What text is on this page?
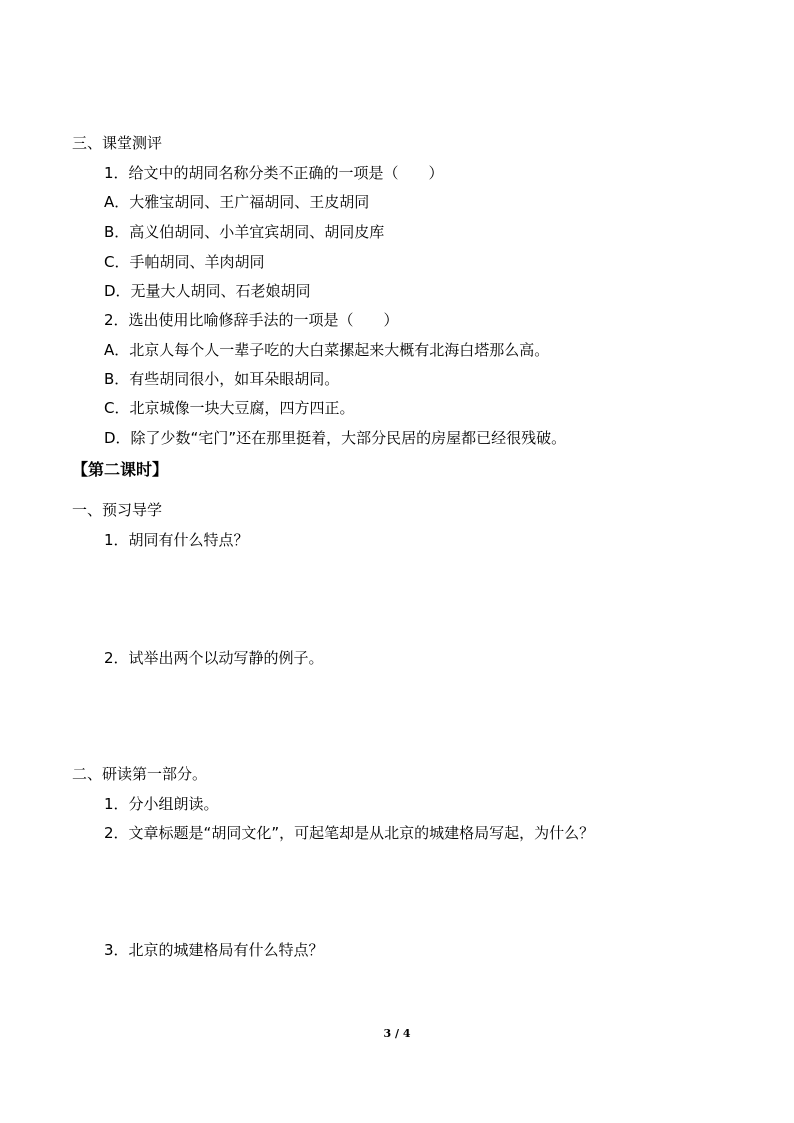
三、课堂测评
1．给文中的胡同名称分类不正确的一项是（　　）
A．大雅宝胡同、王广福胡同、王皮胡同
B．高义伯胡同、小羊宜宾胡同、胡同皮库
C．手帕胡同、羊肉胡同
D．无量大人胡同、石老娘胡同
2．选出使用比喻修辞手法的一项是（　　）
A．北京人每个人一辈子吃的大白菜摞起来大概有北海白塔那么高。
B．有些胡同很小，如耳朵眼胡同。
C．北京城像一块大豆腐，四方四正。
D．除了少数“宅门”还在那里挺着，大部分民居的房屋都已经很残破。
【第二课时】
一、预习导学
1．胡同有什么特点？
2．试举出两个以动写静的例子。
二、研读第一部分。
1．分小组朗读。
2．文章标题是“胡同文化”，可起笔却是从北京的城建格局写起，为什么？
3．北京的城建格局有什么特点？
3 / 4
